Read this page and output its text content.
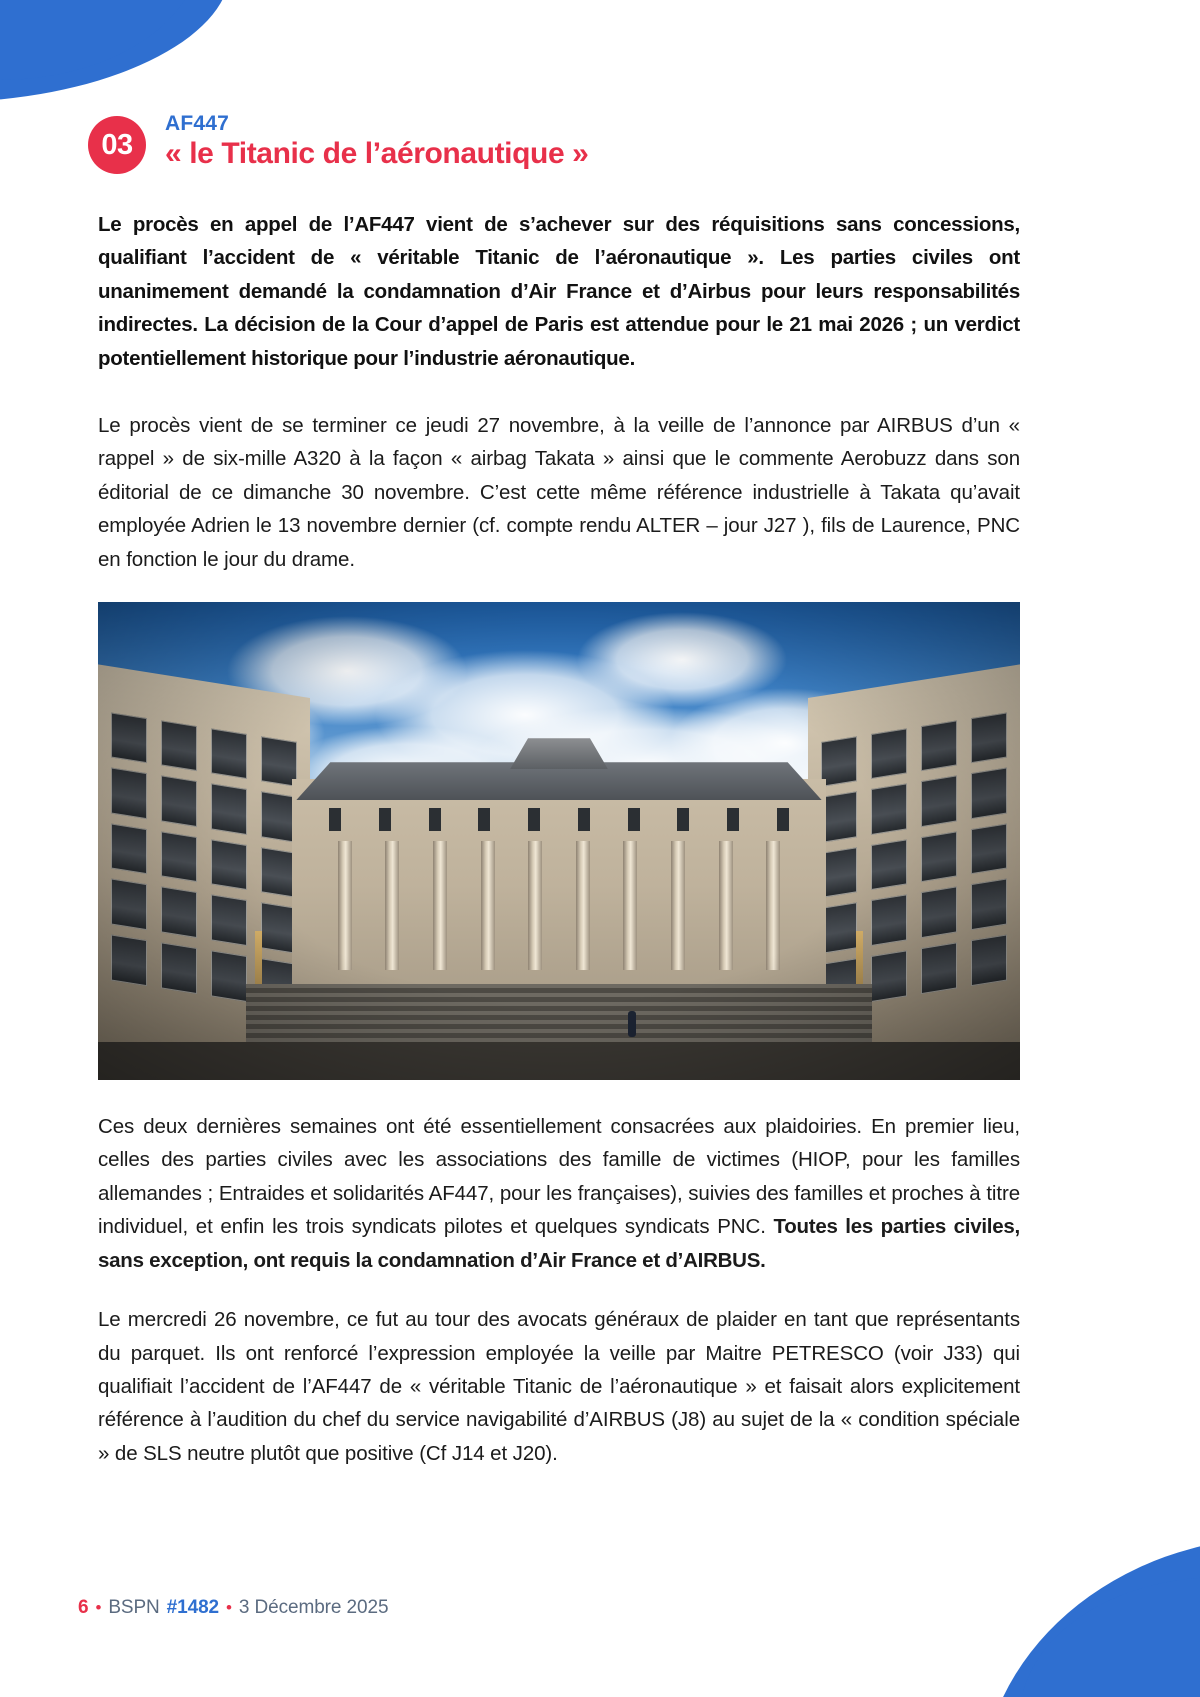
03
AF447
« le Titanic de l’aéronautique »

Le procès en appel de l’AF447 vient de s’achever sur des réquisitions sans concessions, qualifiant l’accident de « véritable Titanic de l’aéronautique ». Les parties civiles ont unanimement demandé la condamnation d’Air France et d’Airbus pour leurs responsabilités indirectes. La décision de la Cour d’appel de Paris est attendue pour le 21 mai 2026 ; un verdict potentiellement historique pour l’industrie aéronautique.

Le procès vient de se terminer ce jeudi 27 novembre, à la veille de l’annonce par AIRBUS d’un « rappel » de six-mille A320 à la façon « airbag Takata » ainsi que le commente Aerobuzz dans son éditorial de ce dimanche 30 novembre. C’est cette même référence industrielle à Takata qu’avait employée Adrien le 13 novembre dernier (cf. compte rendu ALTER – jour J27 ), fils de Laurence, PNC en fonction le jour du drame.

Ces deux dernières semaines ont été essentiellement consacrées aux plaidoiries. En premier lieu, celles des parties civiles avec les associations des famille de victimes (HIOP, pour les familles allemandes ; Entraides et solidarités AF447, pour les françaises), suivies des familles et proches à titre individuel, et enfin les trois syndicats pilotes et quelques syndicats PNC. Toutes les parties civiles, sans exception, ont requis la condamnation d’Air France et d’AIRBUS.

Le mercredi 26 novembre, ce fut au tour des avocats généraux de plaider en tant que représentants du parquet. Ils ont renforcé l’expression employée la veille par Maitre PETRESCO (voir J33) qui qualifiait l’accident de l’AF447 de « véritable Titanic de l’aéronautique » et faisait alors explicitement référence à l’audition du chef du service navigabilité d’AIRBUS (J8) au sujet de la « condition spéciale » de SLS neutre plutôt que positive (Cf J14 et J20).

6 • BSPN #1482 • 3 Décembre 2025
